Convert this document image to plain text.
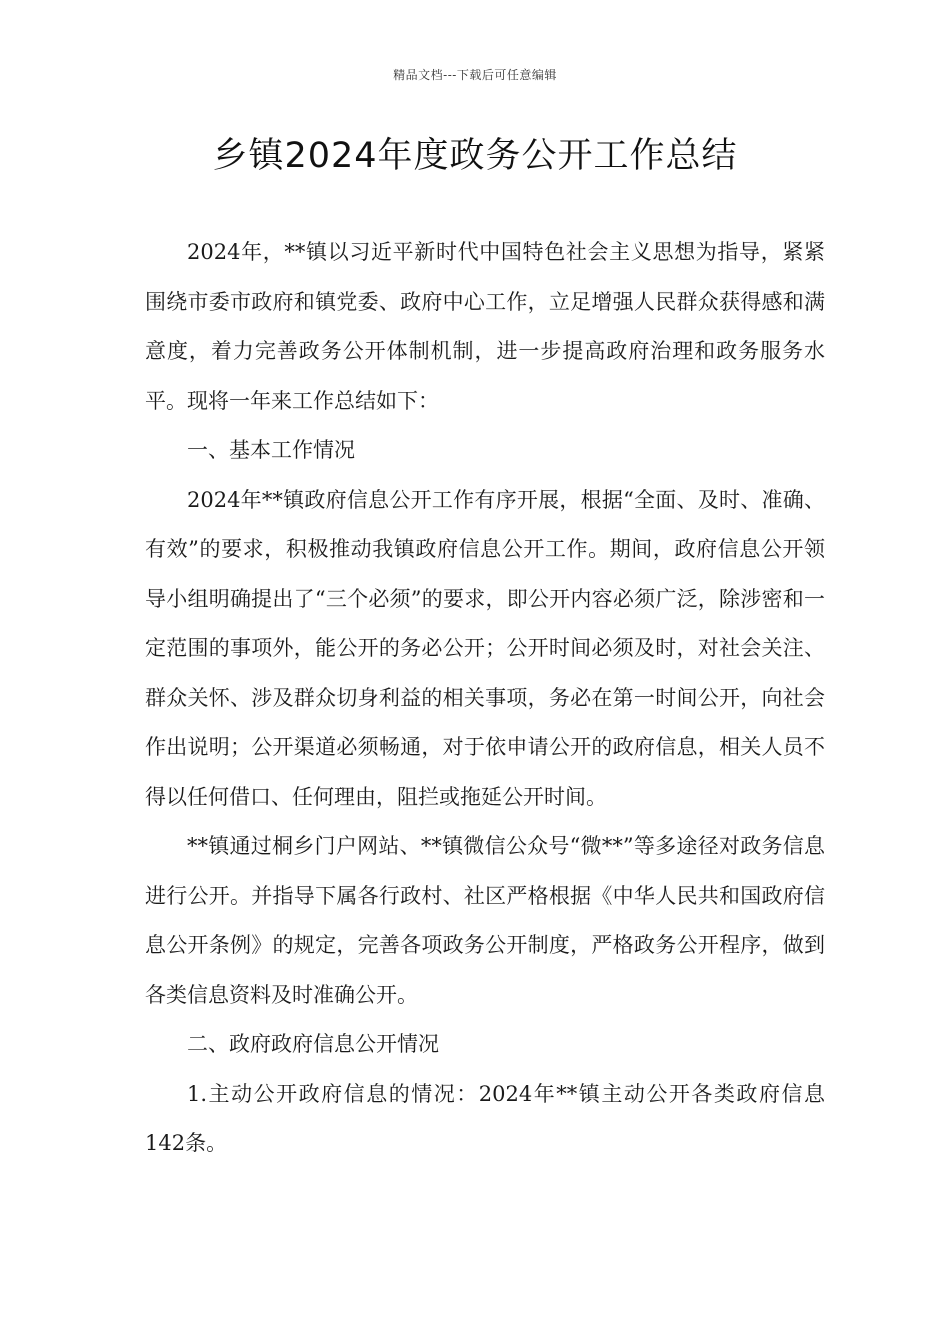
精品文档---下载后可任意编辑
乡镇2024年度政务公开工作总结

2024年，**镇以习近平新时代中国特色社会主义思想为指导，紧紧围绕市委市政府和镇党委、政府中心工作，立足增强人民群众获得感和满意度，着力完善政务公开体制机制，进一步提高政府治理和政务服务水平。现将一年来工作总结如下：

一、基本工作情况

2024年**镇政府信息公开工作有序开展，根据“全面、及时、准确、有效”的要求，积极推动我镇政府信息公开工作。期间，政府信息公开领导小组明确提出了“三个必须”的要求，即公开内容必须广泛，除涉密和一定范围的事项外，能公开的务必公开；公开时间必须及时，对社会关注、群众关怀、涉及群众切身利益的相关事项，务必在第一时间公开，向社会作出说明；公开渠道必须畅通，对于依申请公开的政府信息，相关人员不得以任何借口、任何理由，阻拦或拖延公开时间。

**镇通过桐乡门户网站、**镇微信公众号“微**”等多途径对政务信息进行公开。并指导下属各行政村、社区严格根据《中华人民共和国政府信息公开条例》的规定，完善各项政务公开制度，严格政务公开程序，做到各类信息资料及时准确公开。

二、政府政府信息公开情况

1.主动公开政府信息的情况：2024年**镇主动公开各类政府信息142条。
